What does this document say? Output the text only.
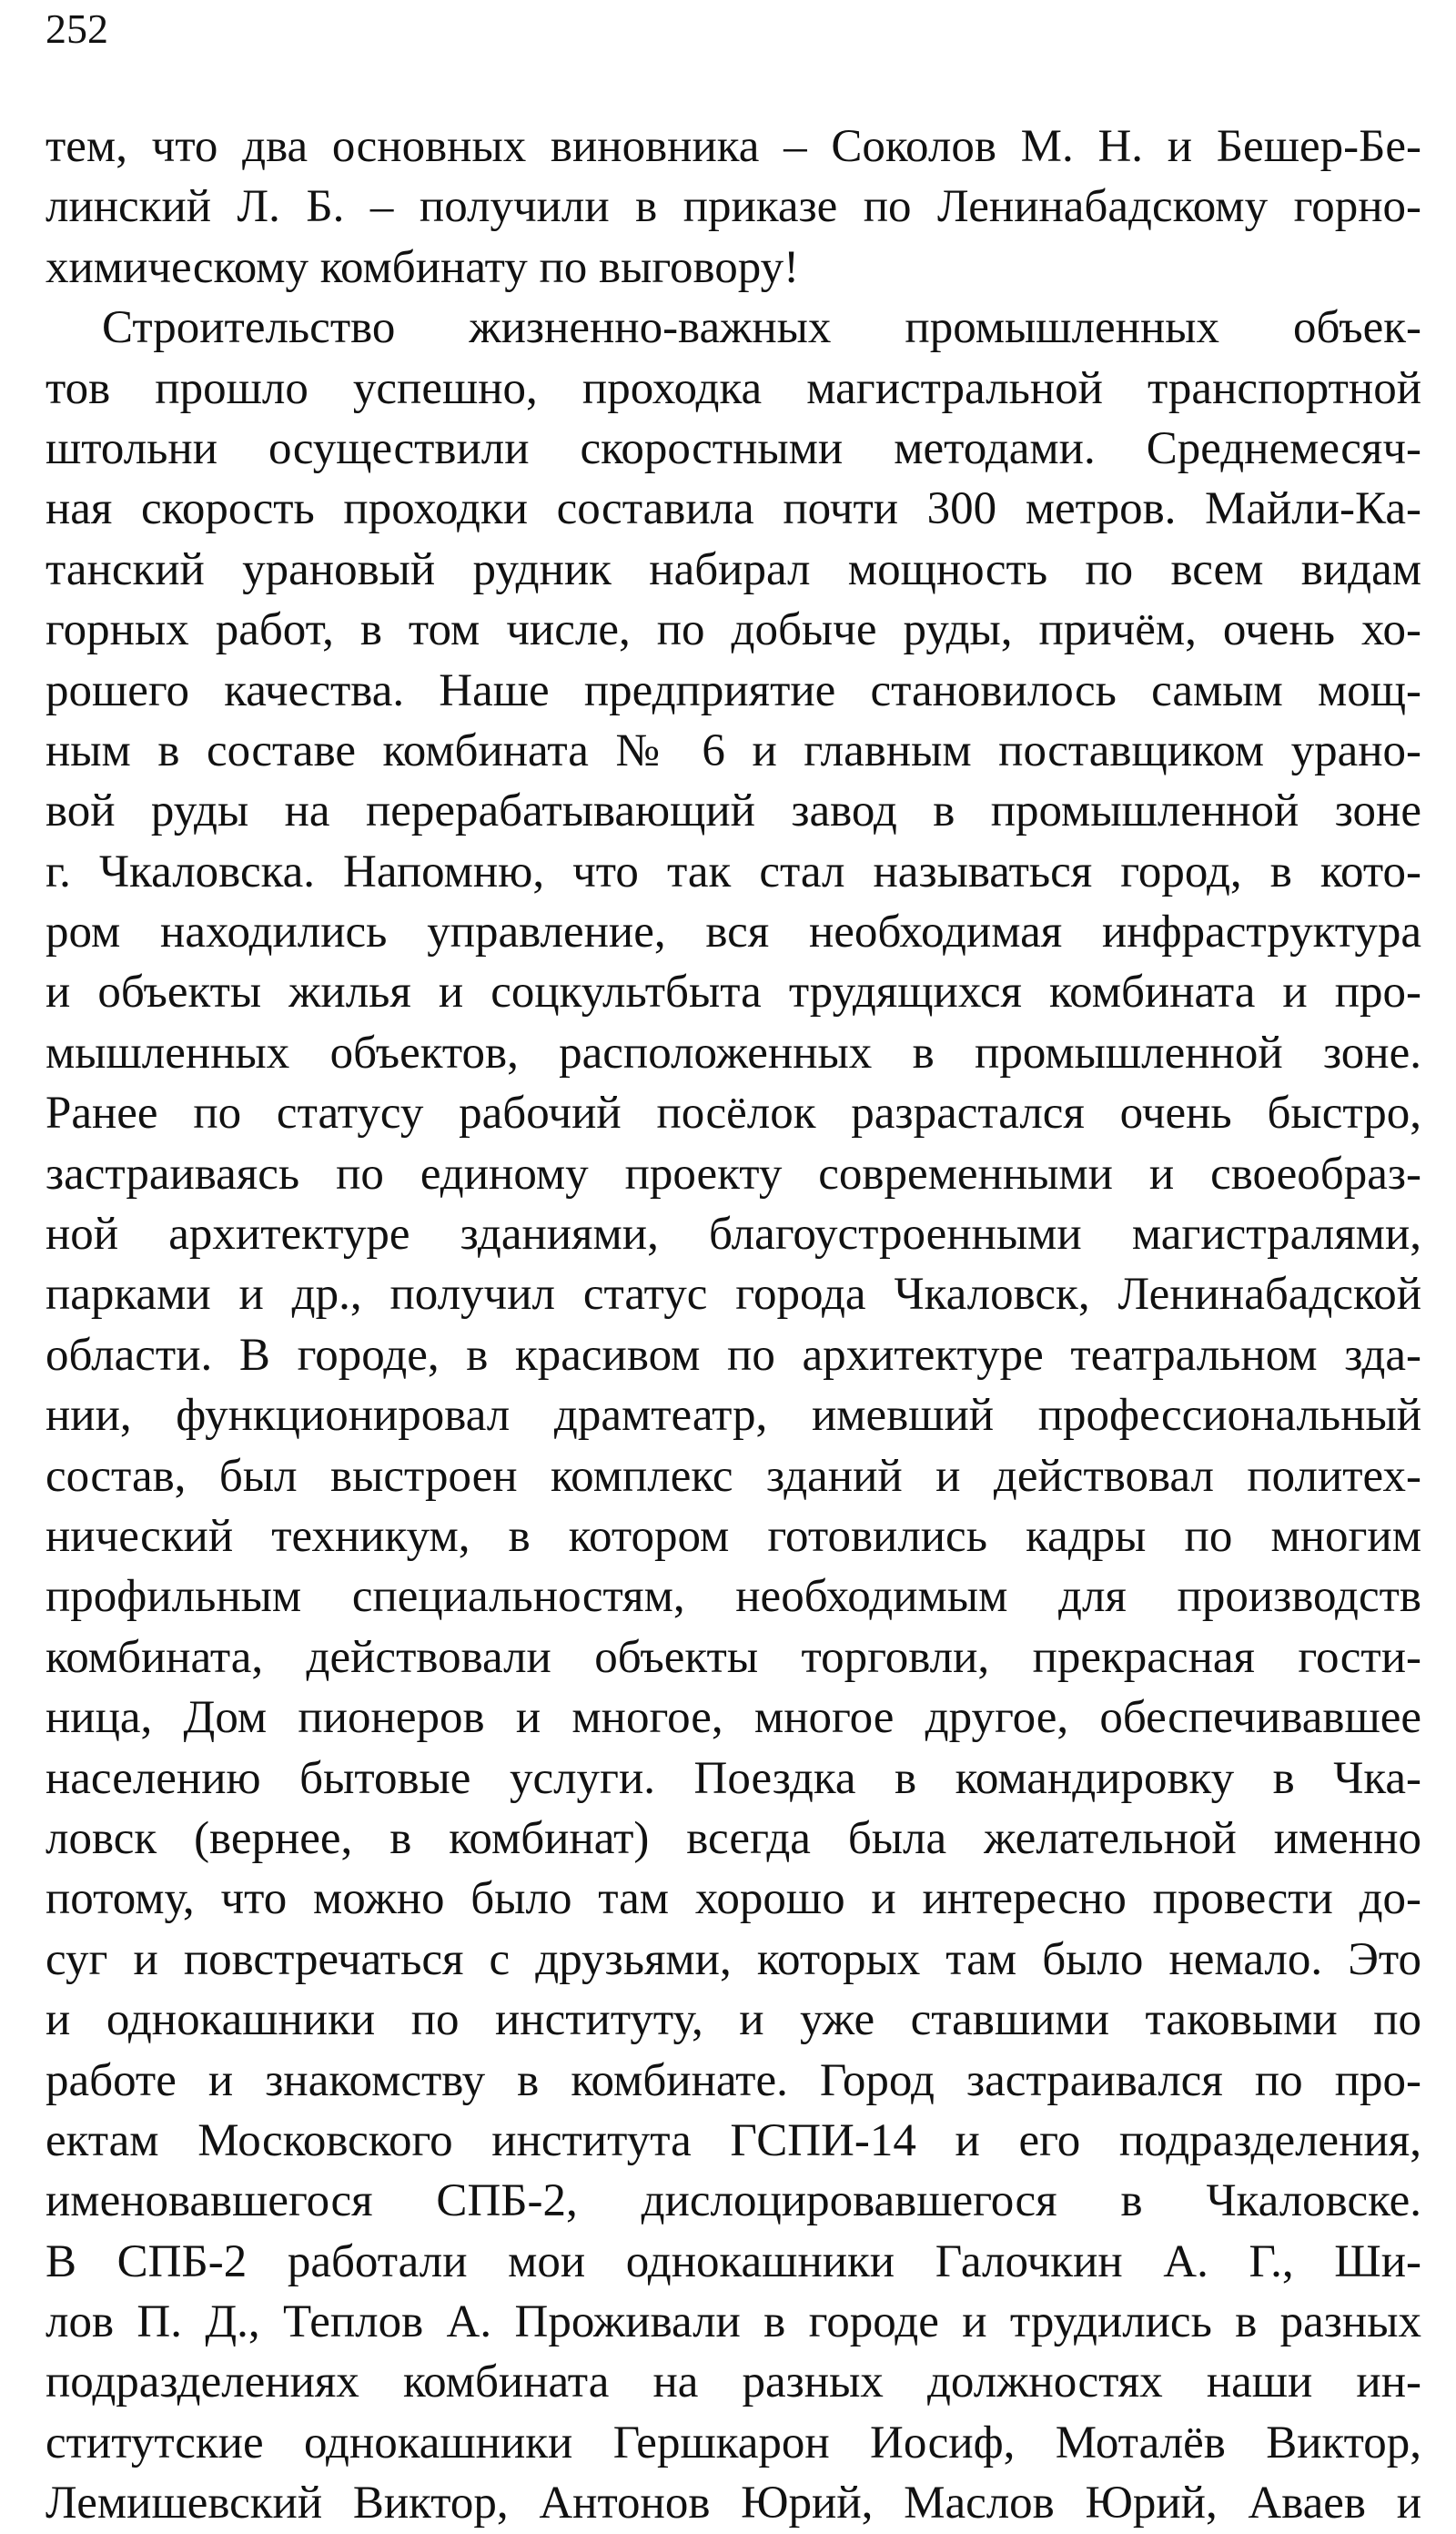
252
тем, что два основных виновника – Соколов М. Н. и Бешер-Бе-
линский Л. Б. – получили в приказе по Ленинабадскому горно-
химическому комбинату по выговору!
Строительство жизненно-важных промышленных объек-
тов прошло успешно, проходка магистральной транспортной
штольни осуществили скоростными методами. Среднемесяч-
ная скорость проходки составила почти 300 метров. Майли-Ка-
танский урановый рудник набирал мощность по всем видам
горных работ, в том числе, по добыче руды, причём, очень хо-
рошего качества. Наше предприятие становилось самым мощ-
ным в составе комбината № 6 и главным поставщиком урано-
вой руды на перерабатывающий завод в промышленной зоне
г. Чкаловска. Напомню, что так стал называться город, в кото-
ром находились управление, вся необходимая инфраструктура
и объекты жилья и соцкультбыта трудящихся комбината и про-
мышленных объектов, расположенных в промышленной зоне.
Ранее по статусу рабочий посёлок разрастался очень быстро,
застраиваясь по единому проекту современными и своеобраз-
ной архитектуре зданиями, благоустроенными магистралями,
парками и др., получил статус города Чкаловск, Ленинабадской
области. В городе, в красивом по архитектуре театральном зда-
нии, функционировал драмтеатр, имевший профессиональный
состав, был выстроен комплекс зданий и действовал политех-
нический техникум, в котором готовились кадры по многим
профильным специальностям, необходимым для производств
комбината, действовали объекты торговли, прекрасная гости-
ница, Дом пионеров и многое, многое другое, обеспечивавшее
населению бытовые услуги. Поездка в командировку в Чка-
ловск (вернее, в комбинат) всегда была желательной именно
потому, что можно было там хорошо и интересно провести до-
суг и повстречаться с друзьями, которых там было немало. Это
и однокашники по институту, и уже ставшими таковыми по
работе и знакомству в комбинате. Город застраивался по про-
ектам Московского института ГСПИ-14 и его подразделения,
именовавшегося СПБ-2, дислоцировавшегося в Чкаловске.
В СПБ-2 работали мои однокашники Галочкин А. Г., Ши-
лов П. Д., Теплов А. Проживали в городе и трудились в разных
подразделениях комбината на разных должностях наши ин-
ститутские однокашники Гершкарон Иосиф, Моталёв Виктор,
Лемишевский Виктор, Антонов Юрий, Маслов Юрий, Аваев и
